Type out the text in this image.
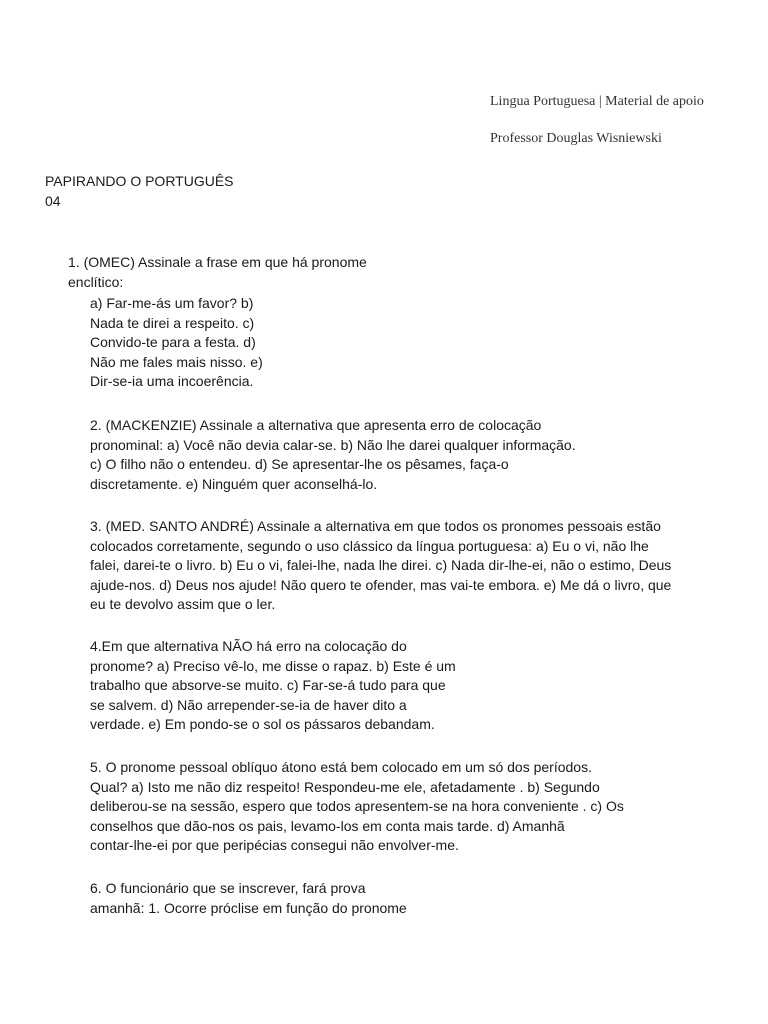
Lingua Portuguesa | Material de apoio

Professor Douglas Wisniewski

PAPIRANDO O PORTUGUÊS
04
1. (OMEC) Assinale a frase em que há pronome
enclítico:
a) Far-me-ás um favor? b)
Nada te direi a respeito. c)
Convido-te para a festa. d)
Não me fales mais nisso. e)
Dir-se-ia uma incoerência.
2. (MACKENZIE) Assinale a alternativa que apresenta erro de colocação
pronominal: a) Você não devia calar-se. b) Não lhe darei qualquer informação.
c) O filho não o entendeu. d) Se apresentar-lhe os pêsames, faça-o
discretamente. e) Ninguém quer aconselhá-lo.
3. (MED. SANTO ANDRÉ) Assinale a alternativa em que todos os pronomes pessoais estão
colocados corretamente, segundo o uso clássico da língua portuguesa: a) Eu o vi, não lhe
falei, darei-te o livro. b) Eu o vi, falei-lhe, nada lhe direi. c) Nada dir-lhe-ei, não o estimo, Deus
ajude-nos. d) Deus nos ajude! Não quero te ofender, mas vai-te embora. e) Me dá o livro, que
eu te devolvo assim que o ler.
4.Em que alternativa NÃO há erro na colocação do
pronome? a) Preciso vê-lo, me disse o rapaz. b) Este é um
trabalho que absorve-se muito. c) Far-se-á tudo para que
se salvem. d) Não arrepender-se-ia de haver dito a
verdade. e) Em pondo-se o sol os pássaros debandam.
5. O pronome pessoal oblíquo átono está bem colocado em um só dos períodos.
Qual? a) Isto me não diz respeito! Respondeu-me ele, afetadamente . b) Segundo
deliberou-se na sessão, espero que todos apresentem-se na hora conveniente . c) Os
conselhos que dão-nos os pais, levamo-los em conta mais tarde. d) Amanhã
contar-lhe-ei por que peripécias consegui não envolver-me.
6. O funcionário que se inscrever, fará prova
amanhã: 1. Ocorre próclise em função do pronome
